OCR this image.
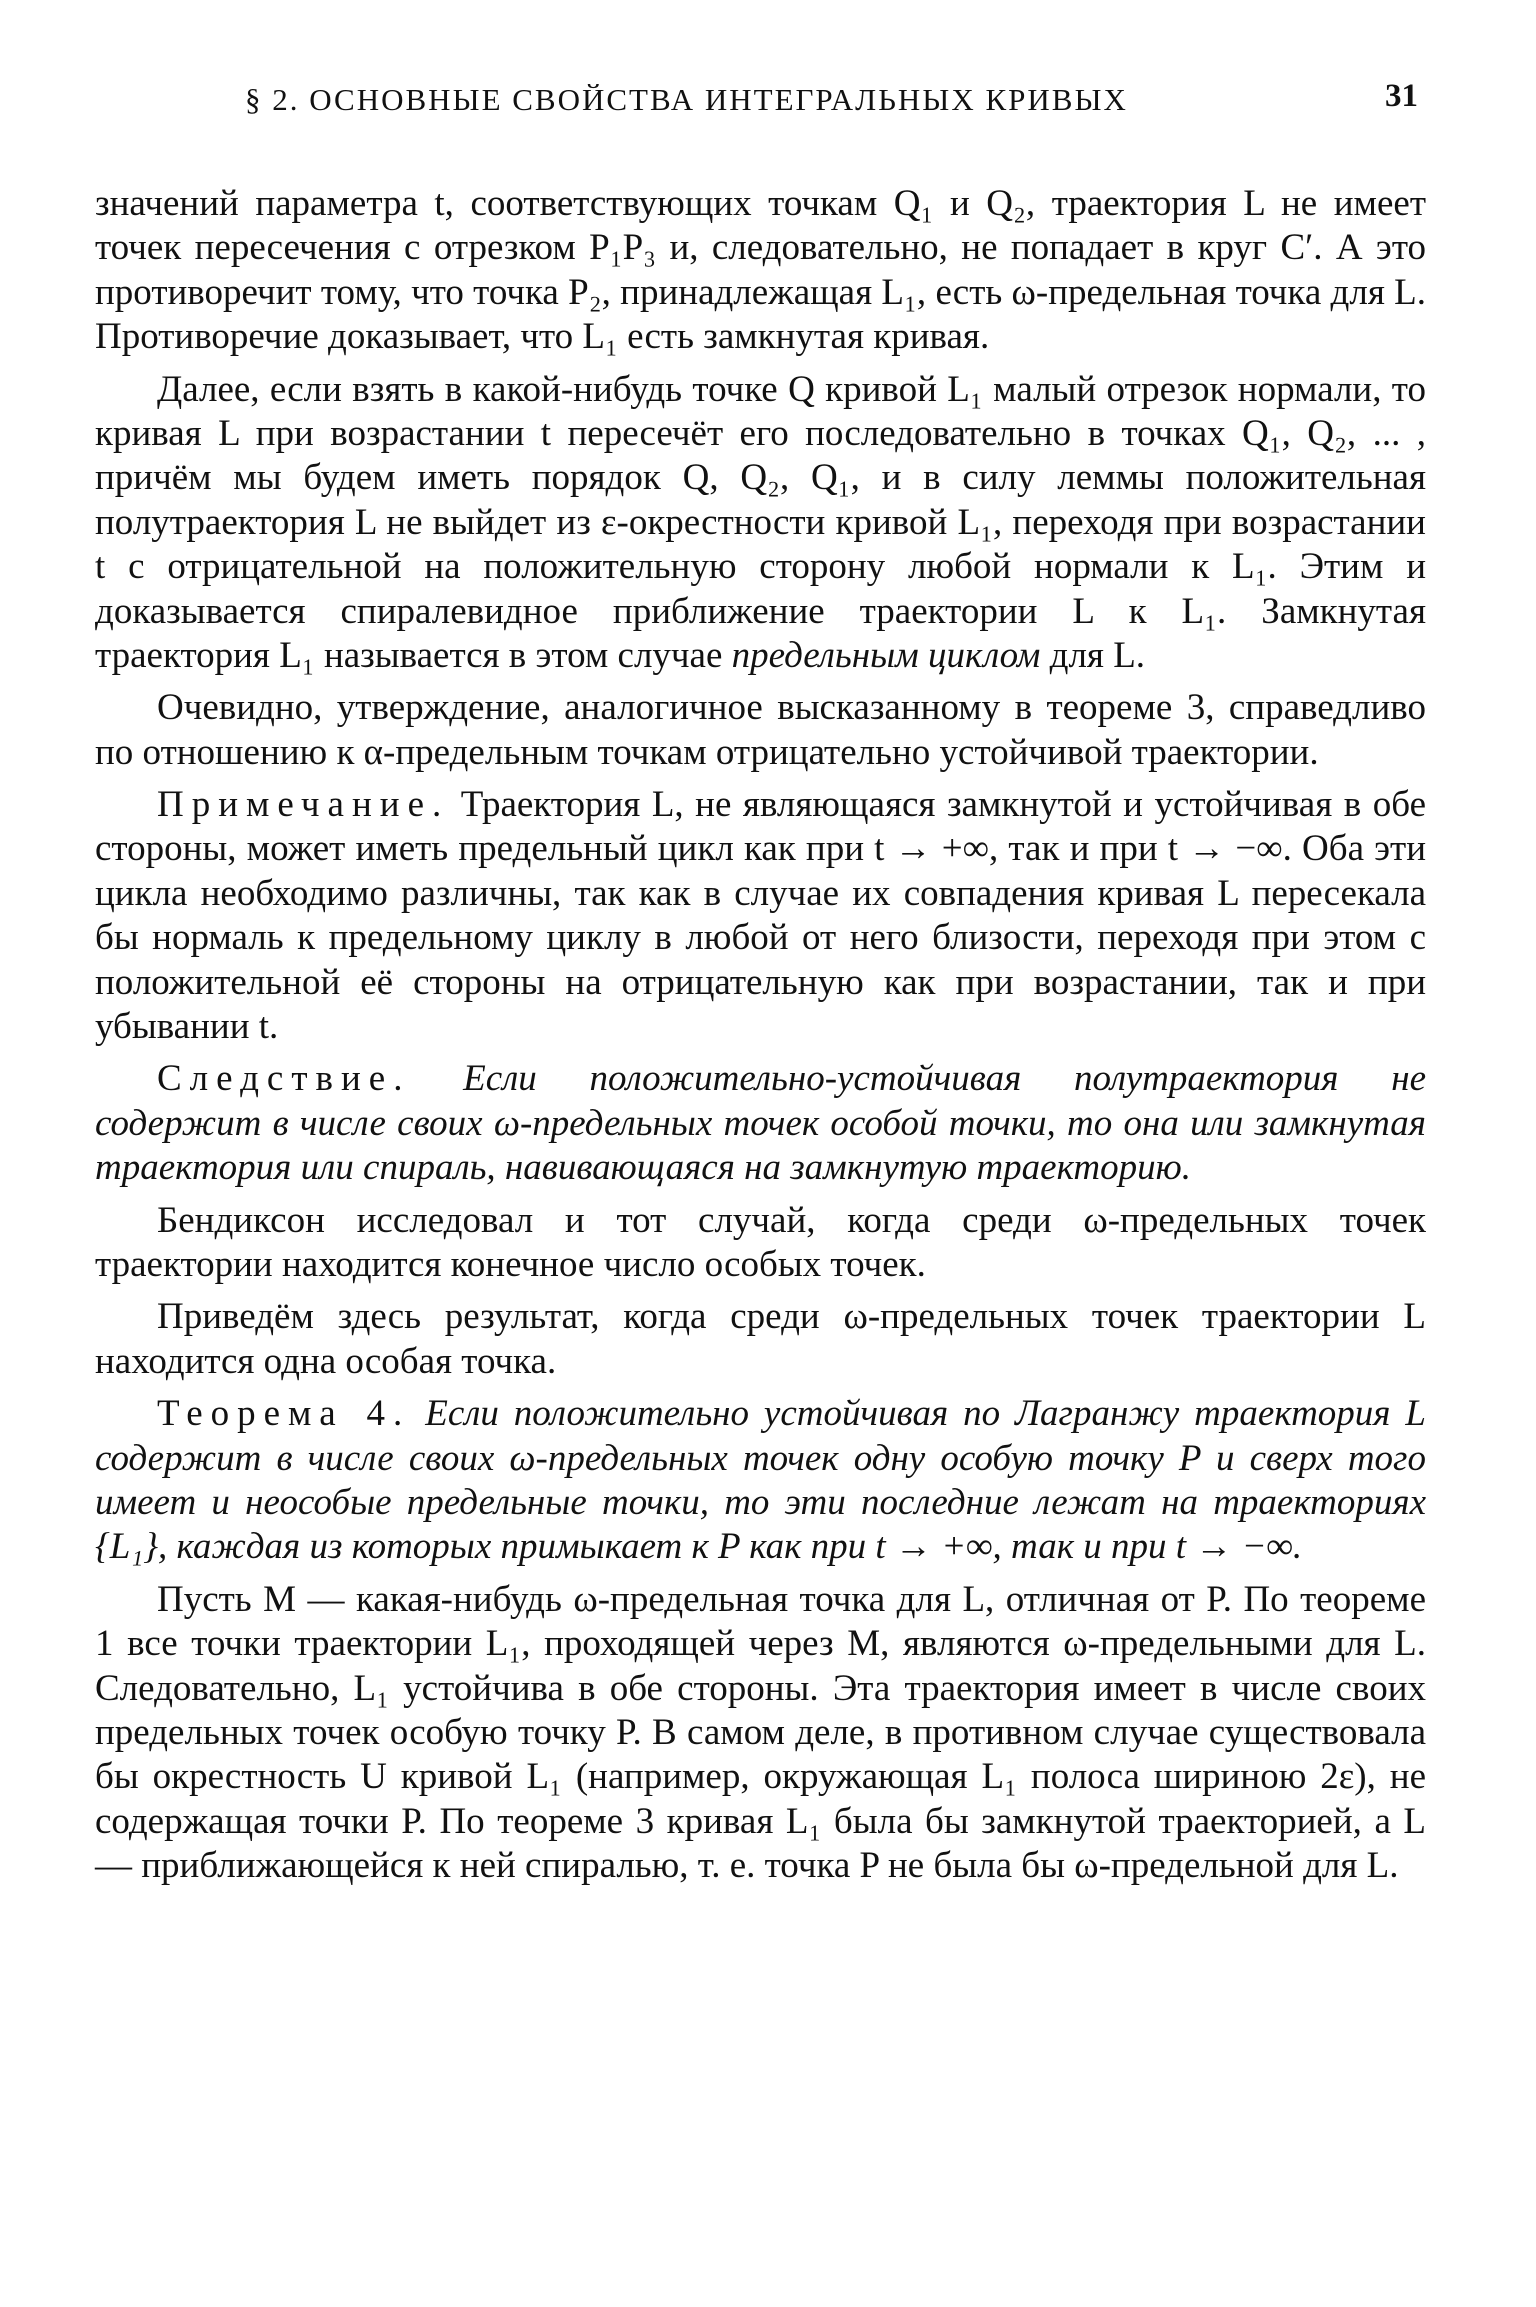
§ 2. ОСНОВНЫЕ СВОЙСТВА ИНТЕГРАЛЬНЫХ КРИВЫХ	31

значений параметра t, соответствующих точкам Q₁ и Q₂, траектория L не имеет точек пересечения с отрезком P₁P₃ и, следовательно, не попадает в круг C′. А это противоречит тому, что точка P₂, принадлежащая L₁, есть ω-предельная точка для L. Противоречие доказывает, что L₁ есть замкнутая кривая.

Далее, если взять в какой-нибудь точке Q кривой L₁ малый отрезок нормали, то кривая L при возрастании t пересечёт его последовательно в точках Q₁, Q₂, ... , причём мы будем иметь порядок Q, Q₂, Q₁, и в силу леммы положительная полутраектория L не выйдет из ε-окрестности кривой L₁, переходя при возрастании t с отрицательной на положительную сторону любой нормали к L₁. Этим и доказывается спиралевидное приближение траектории L к L₁. Замкнутая траектория L₁ называется в этом случае предельным циклом для L.

Очевидно, утверждение, аналогичное высказанному в теореме 3, справедливо по отношению к α-предельным точкам отрицательно устойчивой траектории.

Примечание. Траектория L, не являющаяся замкнутой и устойчивая в обе стороны, может иметь предельный цикл как при t → +∞, так и при t → −∞. Оба эти цикла необходимо различны, так как в случае их совпадения кривая L пересекала бы нормаль к предельному циклу в любой от него близости, переходя при этом с положительной её стороны на отрицательную как при возрастании, так и при убывании t.

Следствие. Если положительно-устойчивая полутраектория не содержит в числе своих ω-предельных точек особой точки, то она или замкнутая траектория или спираль, навивающаяся на замкнутую траекторию.

Бендиксон исследовал и тот случай, когда среди ω-предельных точек траектории находится конечное число особых точек.

Приведём здесь результат, когда среди ω-предельных точек траектории L находится одна особая точка.

Теорема 4. Если положительно устойчивая по Лагранжу траектория L содержит в числе своих ω-предельных точек одну особую точку P и сверх того имеет и неособые предельные точки, то эти последние лежат на траекториях {L₁}, каждая из которых примыкает к P как при t → +∞, так и при t → −∞.

Пусть M — какая-нибудь ω-предельная точка для L, отличная от P. По теореме 1 все точки траектории L₁, проходящей через M, являются ω-предельными для L. Следовательно, L₁ устойчива в обе стороны. Эта траектория имеет в числе своих предельных точек особую точку P. В самом деле, в противном случае существовала бы окрестность U кривой L₁ (например, окружающая L₁ полоса шириною 2ε), не содержащая точки P. По теореме 3 кривая L₁ была бы замкнутой траекторией, а L — приближающейся к ней спиралью, т. е. точка P не была бы ω-предельной для L.
